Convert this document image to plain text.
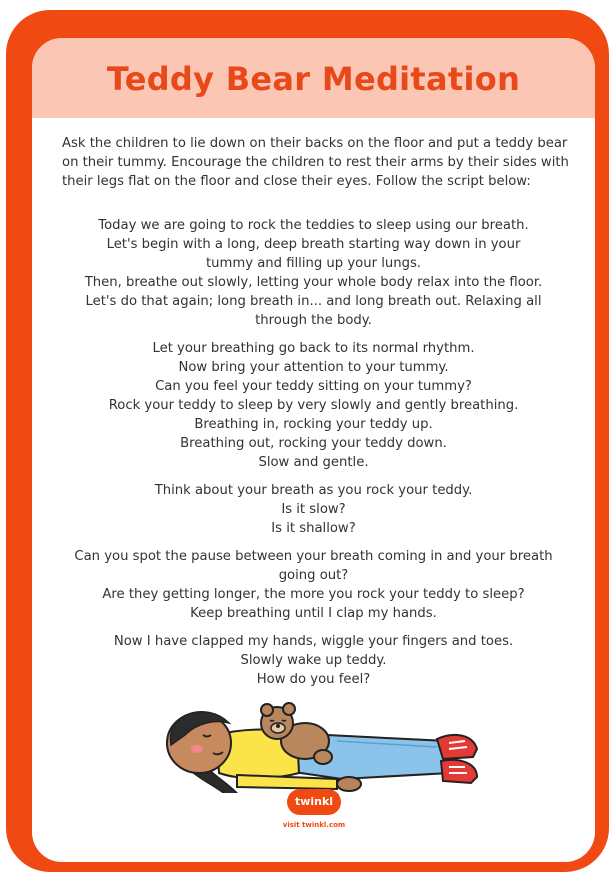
Teddy Bear Meditation

Ask the children to lie down on their backs on the floor and put a teddy bear on their tummy. Encourage the children to rest their arms by their sides with their legs flat on the floor and close their eyes. Follow the script below:

Today we are going to rock the teddies to sleep using our breath.
Let's begin with a long, deep breath starting way down in your
tummy and filling up your lungs.
Then, breathe out slowly, letting your whole body relax into the floor.
Let's do that again; long breath in... and long breath out. Relaxing all
through the body.

Let your breathing go back to its normal rhythm.
Now bring your attention to your tummy.
Can you feel your teddy sitting on your tummy?
Rock your teddy to sleep by very slowly and gently breathing.
Breathing in, rocking your teddy up.
Breathing out, rocking your teddy down.
Slow and gentle.

Think about your breath as you rock your teddy.
Is it slow?
Is it shallow?

Can you spot the pause between your breath coming in and your breath
going out?
Are they getting longer, the more you rock your teddy to sleep?
Keep breathing until I clap my hands.

Now I have clapped my hands, wiggle your fingers and toes.
Slowly wake up teddy.
How do you feel?

twinkl
visit twinkl.com
